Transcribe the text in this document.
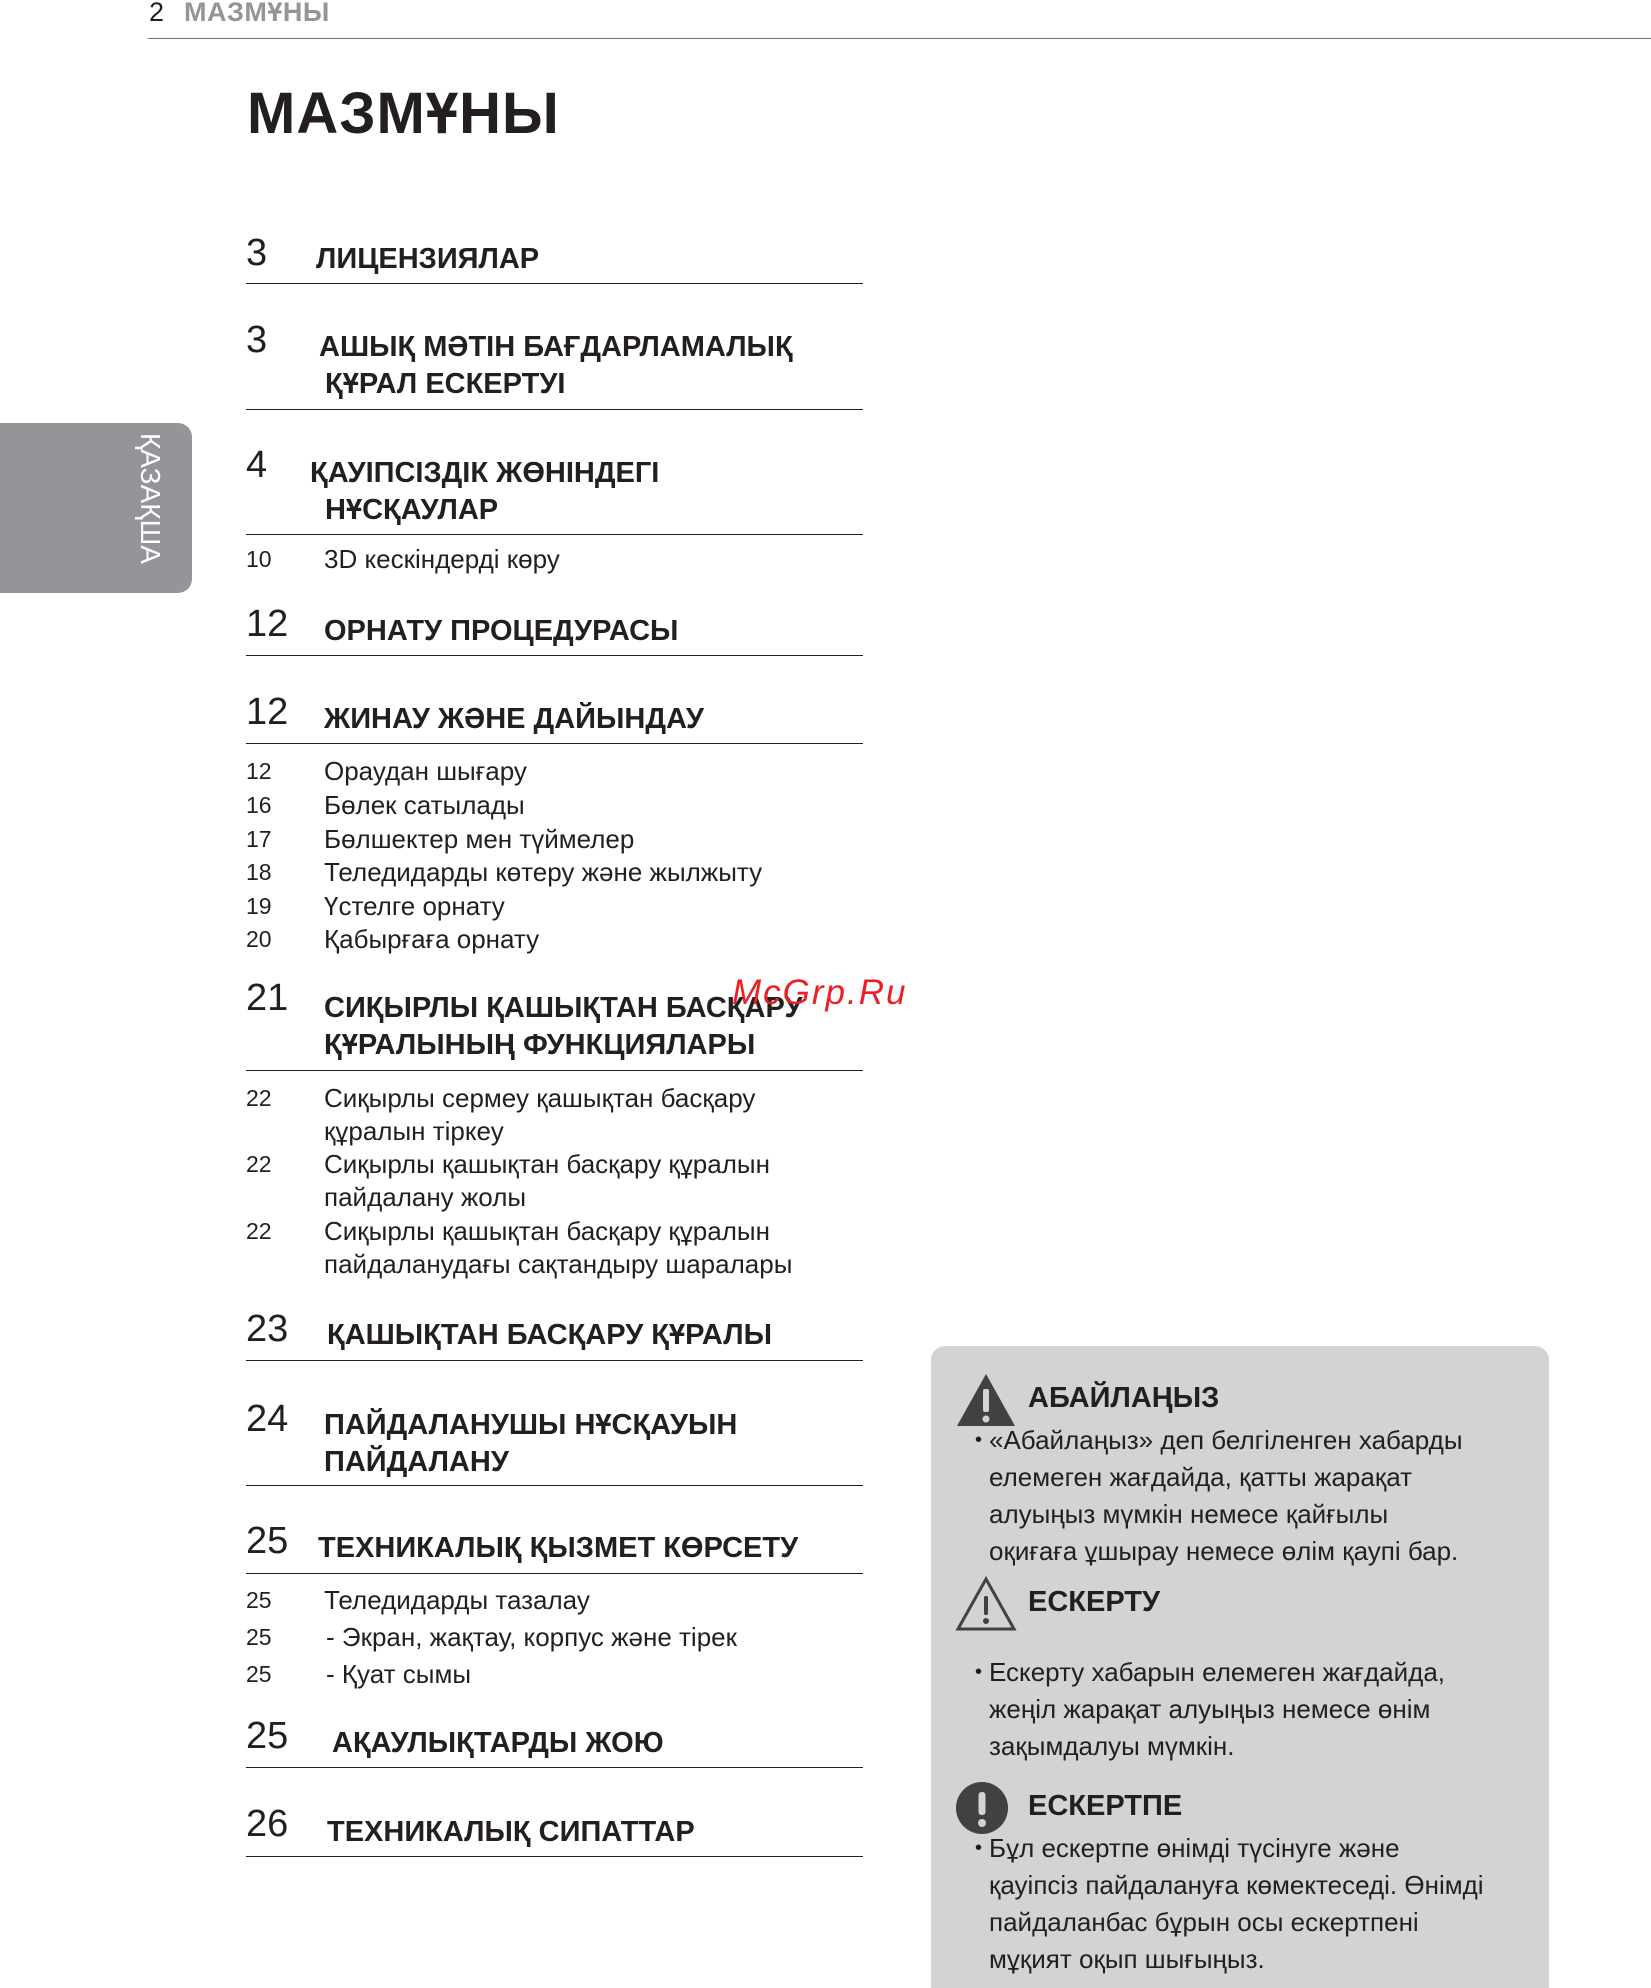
2 МАЗМҰНЫ
МАЗМҰНЫ
ҚАЗАҚША
3 ЛИЦЕНЗИЯЛАР
3 АШЫҚ МӘТІН БАҒДАРЛАМАЛЫҚ
ҚҰРАЛ ЕСКЕРТУІ
4 ҚАУІПСІЗДІК ЖӨНІНДЕГІ
НҰСҚАУЛАР
10 3D кескіндерді көру
12 ОРНАТУ ПРОЦЕДУРАСЫ
12 ЖИНАУ ЖӘНЕ ДАЙЫНДАУ
12 Ораудан шығару
16 Бөлек сатылады
17 Бөлшектер мен түймелер
18 Теледидарды көтеру және жылжыту
19 Үстелге орнату
20 Қабырғаға орнату
21 СИҚЫРЛЫ ҚАШЫҚТАН БАСҚАРУ
ҚҰРАЛЫНЫҢ ФУНКЦИЯЛАРЫ
22 Сиқырлы сермеу қашықтан басқару
құралын тіркеу
22 Сиқырлы қашықтан басқару құралын
пайдалану жолы
22 Сиқырлы қашықтан басқару құралын
пайдаланудағы сақтандыру шаралары
23 ҚАШЫҚТАН БАСҚАРУ ҚҰРАЛЫ
24 ПАЙДАЛАНУШЫ НҰСҚАУЫН
ПАЙДАЛАНУ
25 ТЕХНИКАЛЫҚ ҚЫЗМЕТ КӨРСЕТУ
25 Теледидарды тазалау
25 - Экран, жақтау, корпус және тірек
25 - Қуат сымы
25 АҚАУЛЫҚТАРДЫ ЖОЮ
26 ТЕХНИКАЛЫҚ СИПАТТАР
McGrp.Ru
АБАЙЛАҢЫЗ
• «Абайлаңыз» деп белгіленген хабарды
елемеген жағдайда, қатты жарақат
алуыңыз мүмкін немесе қайғылы
оқиғаға ұшырау немесе өлім қаупі бар.
ЕСКЕРТУ
• Ескерту хабарын елемеген жағдайда,
жеңіл жарақат алуыңыз немесе өнім
зақымдалуы мүмкін.
ЕСКЕРТПЕ
• Бұл ескертпе өнімді түсінуге және
қауіпсіз пайдалануға көмектеседі. Өнімді
пайдаланбас бұрын осы ескертпені
мұқият оқып шығыңыз.
